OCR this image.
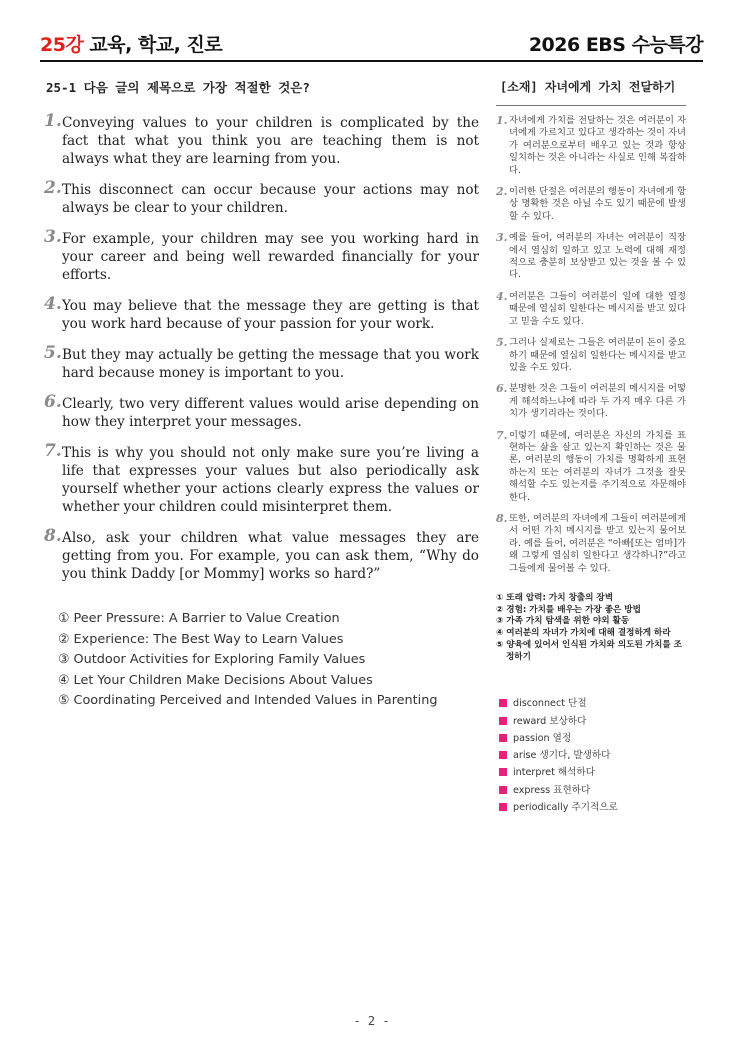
25강 교육, 학교, 진로	2026 EBS 수능특강
25-1 다음 글의 제목으로 가장 적절한 것은?
1. Conveying values to your children is complicated by the fact that what you think you are teaching them is not always what they are learning from you.
2. This disconnect can occur because your actions may not always be clear to your children.
3. For example, your children may see you working hard in your career and being well rewarded financially for your efforts.
4. You may believe that the message they are getting is that you work hard because of your passion for your work.
5. But they may actually be getting the message that you work hard because money is important to you.
6. Clearly, two very different values would arise depending on how they interpret your messages.
7. This is why you should not only make sure you’re living a life that expresses your values but also periodically ask yourself whether your actions clearly express the values or whether your children could misinterpret them.
8. Also, ask your children what value messages they are getting from you. For example, you can ask them, “Why do you think Daddy [or Mommy] works so hard?”
① Peer Pressure: A Barrier to Value Creation
② Experience: The Best Way to Learn Values
③ Outdoor Activities for Exploring Family Values
④ Let Your Children Make Decisions About Values
⑤ Coordinating Perceived and Intended Values in Parenting
[소재] 자녀에게 가치 전달하기
1. 자녀에게 가치를 전달하는 것은 여러분이 자녀에게 가르치고 있다고 생각하는 것이 자녀가 여러분으로부터 배우고 있는 것과 항상 일치하는 것은 아니라는 사실로 인해 복잡하다.
2. 이러한 단절은 여러분의 행동이 자녀에게 항상 명확한 것은 아닐 수도 있기 때문에 발생할 수 있다.
3. 예를 들어, 여러분의 자녀는 여러분이 직장에서 열심히 일하고 있고 노력에 대해 재정적으로 충분히 보상받고 있는 것을 볼 수 있다.
4. 여러분은 그들이 여러분이 일에 대한 열정 때문에 열심히 일한다는 메시지를 받고 있다고 믿을 수도 있다.
5. 그러나 실제로는 그들은 여러분이 돈이 중요하기 때문에 열심히 일한다는 메시지를 받고 있을 수도 있다.
6. 분명한 것은 그들이 여러분의 메시지를 어떻게 해석하느냐에 따라 두 가지 매우 다른 가치가 생기리라는 것이다.
7. 이렇기 때문에, 여러분은 자신의 가치를 표현하는 삶을 살고 있는지 확인하는 것은 물론, 여러분의 행동이 가치를 명확하게 표현하는지 또는 여러분의 자녀가 그것을 잘못 해석할 수도 있는지를 주기적으로 자문해야 한다.
8. 또한, 여러분의 자녀에게 그들이 여러분에게서 어떤 가치 메시지를 받고 있는지 물어보라. 예를 들어, 여러분은 “아빠[또는 엄마]가 왜 그렇게 열심히 일한다고 생각하니?”라고 그들에게 물어볼 수 있다.
① 또래 압력: 가치 창출의 장벽
② 경험: 가치를 배우는 가장 좋은 방법
③ 가족 가치 탐색을 위한 야외 활동
④ 여러분의 자녀가 가치에 대해 결정하게 하라
⑤ 양육에 있어서 인식된 가치와 의도된 가치를 조정하기
disconnect 단절
reward 보상하다
passion 열정
arise 생기다, 발생하다
interpret 해석하다
express 표현하다
periodically 주기적으로
- 2 -
